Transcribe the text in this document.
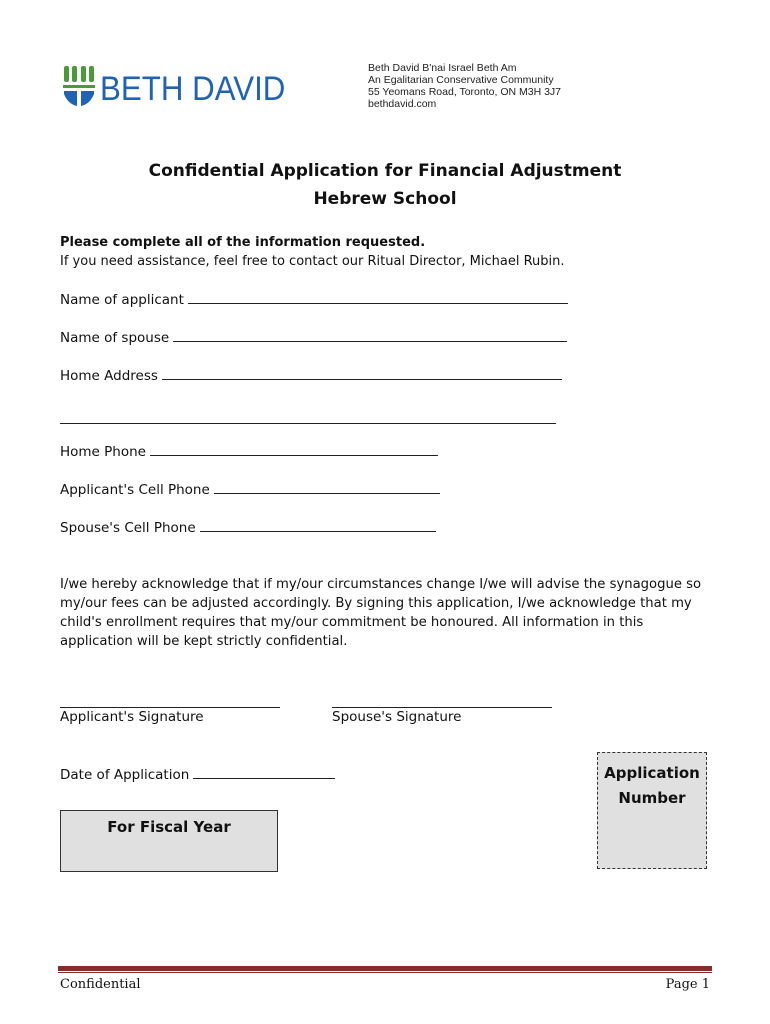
BETH DAVID
Beth David B'nai Israel Beth Am
An Egalitarian Conservative Community
55 Yeomans Road, Toronto, ON M3H 3J7
bethdavid.com
Confidential Application for Financial Adjustment
Hebrew School
Please complete all of the information requested.
If you need assistance, feel free to contact our Ritual Director, Michael Rubin.
Name of applicant
Name of spouse
Home Address
Home Phone
Applicant's Cell Phone
Spouse's Cell Phone
I/we hereby acknowledge that if my/our circumstances change I/we will advise the synagogue so my/our fees can be adjusted accordingly. By signing this application, I/we acknowledge that my child's enrollment requires that my/our commitment be honoured. All information in this application will be kept strictly confidential.
Applicant's Signature	Spouse's Signature
Date of Application
For Fiscal Year
Application
Number
Confidential	Page 1
